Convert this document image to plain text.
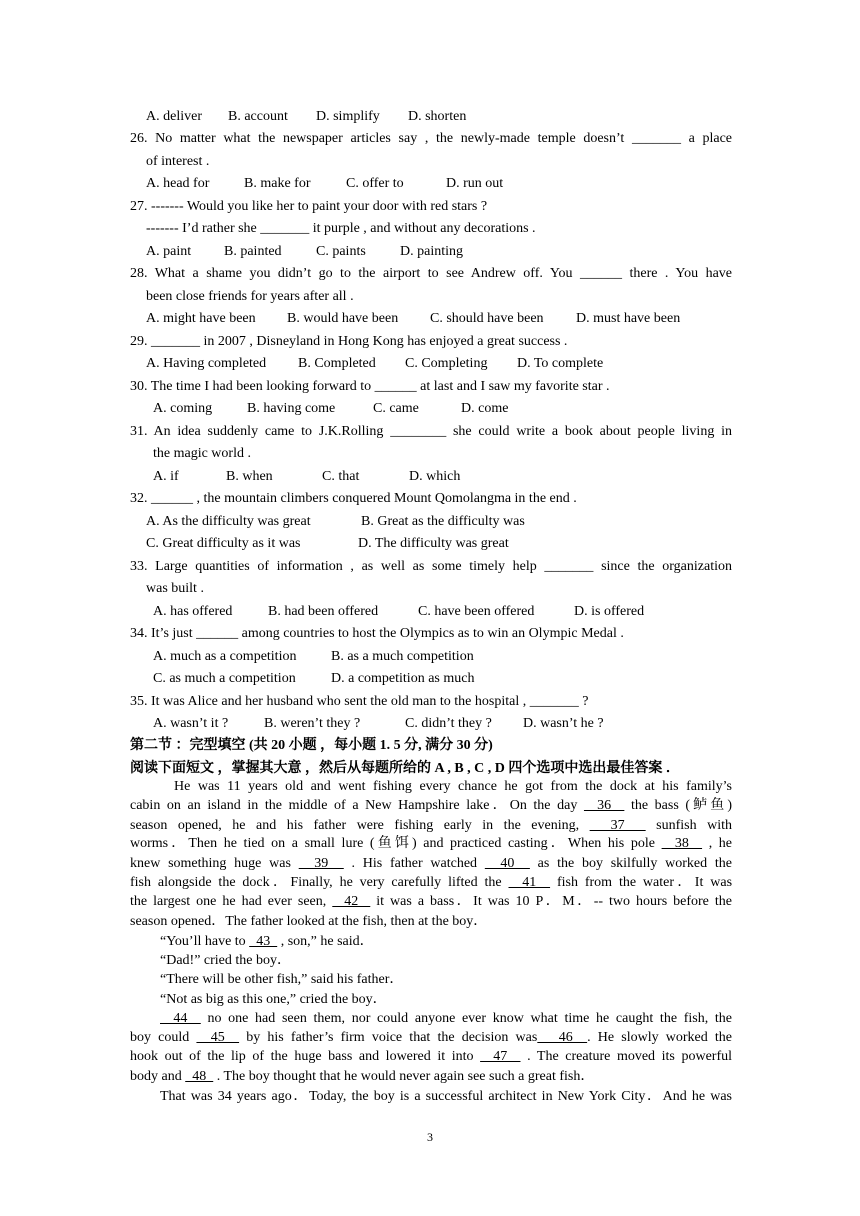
A. deliver B. account D. simplify D. shorten
26. No matter what the newspaper articles say , the newly-made temple doesn’t _______ a place
of interest .
A. head for B. make for	C. offer to	D. run out
27. ------- Would you like her to paint your door with red stars ?
------- I’d rather she _______ it purple , and without any decorations .
A. paint B. painted C. paints D. painting
28. What a shame you didn’t go to the airport to see Andrew off. You ______ there . You have
been close friends for years after all .
A. might have been B. would have been C. should have been D. must have been
29. _______ in 2007 , Disneyland in Hong Kong has enjoyed a great success .
A. Having completed B. Completed C. Completing D. To complete
30. The time I had been looking forward to ______ at last and I saw my favorite star .
A. coming B. having come	C. came	D. come
31. An idea suddenly came to J.K.Rolling ________ she could write a book about people living in
the magic world .
A. if	B. when	C. that	D. which
32. ______ , the mountain climbers conquered Mount Qomolangma in the end .
A. As the difficulty was great	B. Great as the difficulty was
C. Great difficulty as it was	D. The difficulty was great
33. Large quantities of information , as well as some timely help _______ since the organization
was built .
A. has offered	B. had been offered	C. have been offered	D. is offered
34. It’s just ______ among countries to host the Olympics as to win an Olympic Medal .
A. much as a competition B. as a much competition
C. as much a competition	D. a competition as much
35. It was Alice and her husband who sent the old man to the hospital , _______ ?
A. wasn’t it ?	B. weren’t they ?	C. didn’t they ? D. wasn’t he ?
第二节 ：完型填空 (共 20 小题 ，每小题 1. 5 分, 满分 30 分)
阅读下面短文 ，掌握其大意 ，然后从每题所给的 A , B , C , D 四个选项中选出最佳答案 ．
He was 11 years old and went fishing every chance he got from the dock at his family’s
cabin on an island in the middle of a New Hampshire lake．On the day   36   the bass (鲈鱼)
season opened, he and his father were fishing early in the evening,   37   sunfish with
worms．Then he tied on a small lure (鱼饵) and practiced casting．When his pole   38   , he
knew something huge was   39   . His father watched   40   as the boy skilfully worked the
fish alongside the dock．Finally, he very carefully lifted the   41   fish from the water．It was
the largest one he had ever seen,   42   it was a bass．It was 10 P．M．-- two hours before the
season opened．The father looked at the fish, then at the boy．
“You’ll have to   43   , son,” he said．
“Dad!” cried the boy．
“There will be other fish,” said his father．
“Not as big as this one,” cried the boy．
44   no one had seen them, nor could anyone ever know what time he caught the fish, the
boy could   45   by his father’s firm voice that the decision was   46  . He slowly worked the
hook out of the lip of the huge bass and lowered it into   47   . The creature moved its powerful
body and   48   . The boy thought that he would never again see such a great fish．
That was 34 years ago．Today, the boy is a successful architect in New York City．And he was
3
